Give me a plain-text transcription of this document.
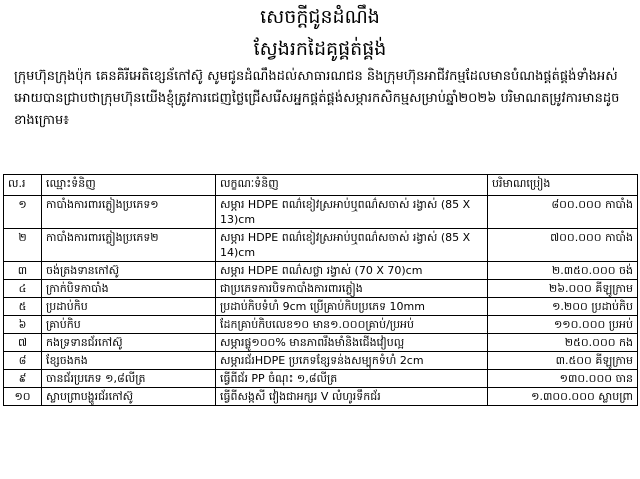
សេចក្តីជូនដំណឹង
ស្វែងរកដៃគូផ្គត់ផ្គង់
ក្រុមហ៊ុនក្រុងប៉ុក គេនគិរីអេតិខ្សេន័កៅស៊ូ សូមជូនដំណឹងដល់សាធារណជន និងក្រុមហ៊ុនអាជីវកម្មដែលមានបំណងផ្គត់ផ្គង់ទាំងអស់អោយបានជ្រាបថាក្រុមហ៊ុនយើងខ្ញុំត្រូវការជេញថ្លៃជ្រើសរើសអ្នកផ្គត់ផ្គង់សម្ភារកសិកម្មសម្រាប់ឆ្នាំ២០២៦ បរិមាណតម្រូវការមានដូចខាងក្រោម៖
ល.រ	ឈ្មោះទំនិញ	លក្ខណៈទំនិញ	បរិមាណប្រៀង
១	កាបាំងការពារភ្លៀងប្រភេទ១	សម្ភារ HDPE ពណ៌ខៀវស្រអាប់ឬពណ៌សចាស់ រង្វាស់ (85 X 13)cm	៨០០.០០០ កាបាំង
២	កាបាំងការពារភ្លៀងប្រភេទ២	សម្ភារ HDPE ពណ៌ខៀវស្រអាប់ឬពណ៌សចាស់ រង្វាស់ (85 X 14)cm	៧០០.០០០ កាបាំង
៣	ចង់ត្រងទានកៅស៊ូ	សម្ភារ HDPE ពណ៌សថ្លា រង្វាស់ (70 X 70)cm	២.៣៥០.០០០ ចង់
៤	ក្រាក់បិទកាបាំង	ជាប្រភេទការបិទកាបាំងការពារភ្លៀង	២៦.០០០ គីឡូក្រាម
៥	ប្រដាប់កិប	ប្រដាប់កិបទំហំ 9cm ប្រើគ្រាប់កិបប្រភេទ 10mm	១.២០០ ប្រដាប់កិប
៦	គ្រាប់កិប	ដែកគ្រាប់កិបលេខ១០ មាន១.០០០គ្រាប់/ប្រអប់	១១០.០០០ ប្រអប់
៧	កងទ្រទានជ័រកៅស៊ូ	សម្ភារផ្លូ១០០% មានភាពរឹងមាំនិងជើងវៀបល្អ	២៥០.០០០ កង
៨	ខ្សែចងកង	សម្ភារជ័រHDPE ប្រភេទខ្សែទន់ងសម្បុកទំហំ 2cm	៣.៥០០ គីឡូក្រាម
៩	ចានជ័រប្រភេទ ១,៨លីត្រ	ធ្វើពីជ័រ PP ចំណុះ ១,៨លីត្រ	១៣០.០០០ ចាន
១០	ស្លាបព្រាបង្ហូរជ័រកៅស៊ូ	ធ្វើពីសង្កសី វៀងជាអក្សរ V លំហូរទឹកជ័រ	១.៣០០.០០០ ស្លាបព្រា
